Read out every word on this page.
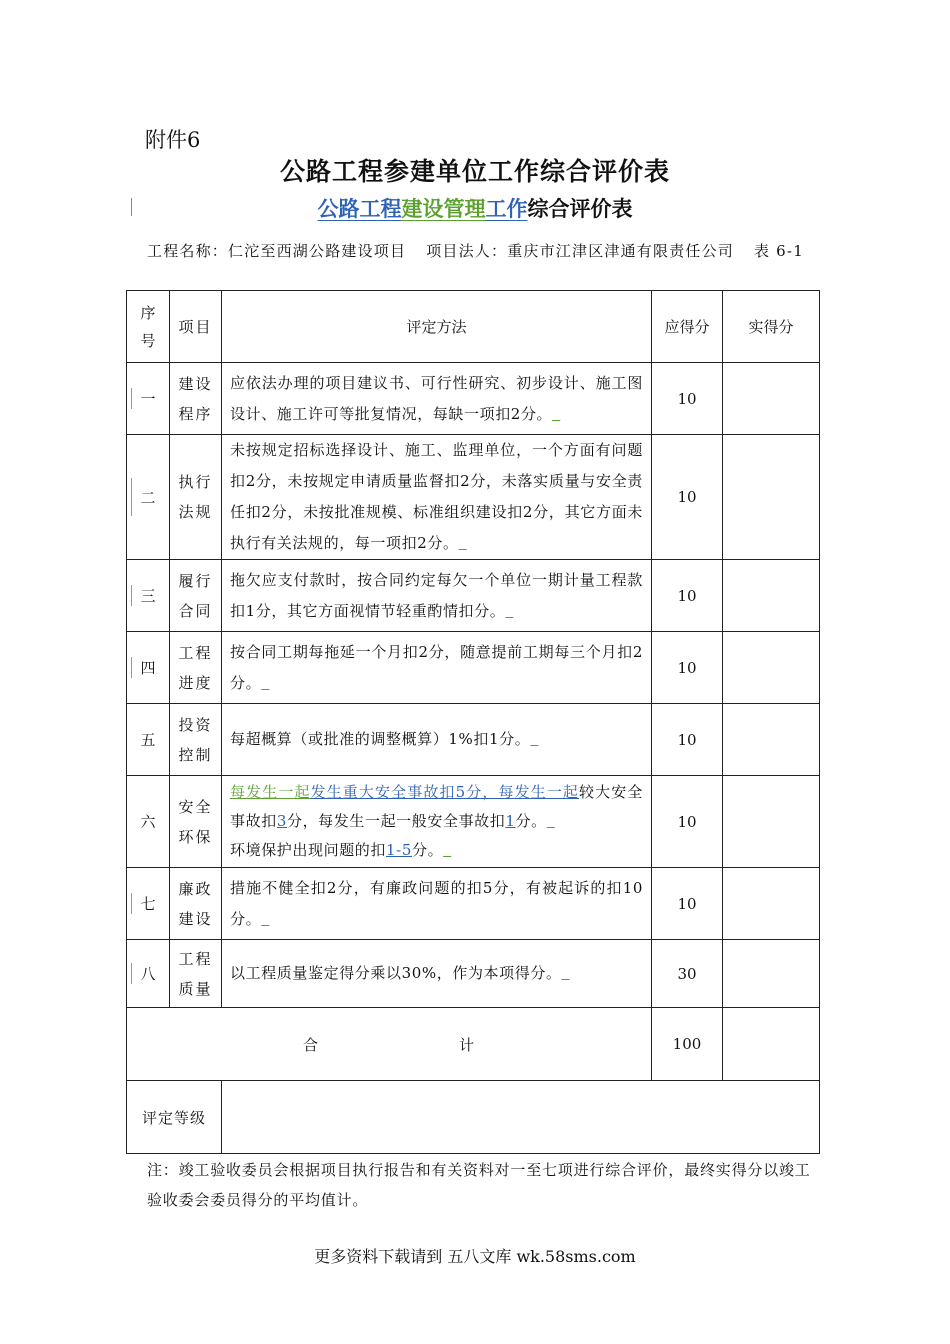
附件6
公路工程参建单位工作综合评价表
公路工程建设管理工作综合评价表
工程名称：仁沱至西湖公路建设项目 项目法人：重庆市江津区津通有限责任公司 表 6-1
序号	项目	评定方法	应得分	实得分

一	建设程序	应依法办理的项目建议书、可行性研究、初步设计、施工图设计、施工许可等批复情况，每缺一项扣2分。 	10	

二	执行法规	未按规定招标选择设计、施工、监理单位，一个方面有问题扣2分，未按规定申请质量监督扣2分，未落实质量与安全责任扣2分，未按批准规模、标准组织建设扣2分，其它方面未执行有关法规的，每一项扣2分。 	10	

三	履行合同	拖欠应支付款时，按合同约定每欠一个单位一期计量工程款扣1分，其它方面视情节轻重酌情扣分。 	10	

四	工程进度	按合同工期每拖延一个月扣2分，随意提前工期每三个月扣2分。 	10	
五	投资控制	每超概算（或批准的调整概算）1%扣1分。 	10	
六	安全环保	每发生一起发生重大安全事故扣5分，每发生一起较大安全事故扣3分，每发生一起一般安全事故扣1分。 
环境保护出现问题的扣1-5分。 	10	

七	廉政建设	措施不健全扣2分，有廉政问题的扣5分，有被起诉的扣10分。 	10	

八	工程质量	以工程质量鉴定得分乘以30%，作为本项得分。 	30	
合 计			100	
评定等级				
注：竣工验收委员会根据项目执行报告和有关资料对一至七项进行综合评价，最终实得分以竣工验收委会委员得分的平均值计。
更多资料下载请到 五八文库 wk.58sms.com
